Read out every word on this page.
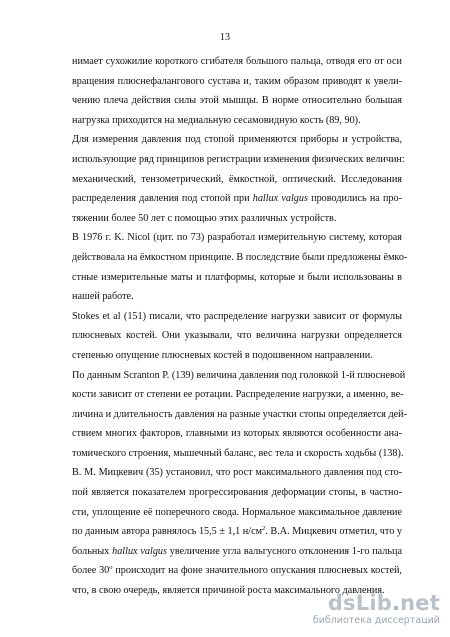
13
нимает сухожилие короткого сгибателя большого пальца, отводя его от оси
вращения плюснефалангового сустава и, таким образом приводят к увели-
чению плеча действия силы этой мышцы. В норме относительно большая
нагрузка приходится на медиальную сесамовидную кость (89, 90).
Для измерения давления под стопой применяются приборы и устройства,
использующие ряд принципов регистрации изменения физических величин:
механический, тензометрический, ёмкостной, оптический. Исследования
распределения давления под стопой при hallux valgus проводились на про-
тяжении более 50 лет с помощью этих различных устройств.
В 1976 г. K. Nicol (цит. по 73) разработал измерительную систему, которая
действовала на ёмкостном принципе. В последствие были предложены ёмко-
стные измерительные маты и платформы, которые и были использованы в
нашей работе.
Stokes et al (151) писали, что распределение нагрузки зависит от формулы
плюсневых костей. Они указывали, что величина нагрузки определяется
степенью опущение плюсневых костей в подошвенном направлении.
По данным Scranton P. (139) величина давления под головкой 1-й плюсневой
кости зависит от степени ее ротации. Распределение нагрузки, а именно, ве-
личина и длительность давления на разные участки стопы определяется дей-
ствием многих факторов, главными из которых являются особенности ана-
томического строения, мышечный баланс, вес тела и скорость ходьбы (138).
В. М. Мицкевич (35) установил, что рост максимального давления под сто-
пой является показателем прогрессирования деформации стопы, в частно-
сти, уплощение её поперечного свода. Нормальное максимальное давление
по данным автора равнялось 15,5 ± 1,1 $н/см^2$. В.А. Мицкевич отметил, что у
больных hallux valgus увеличение угла вальгусного отклонения 1-го пальца
более $30^о$ происходит на фоне значительного опускания плюсневых костей,
что, в свою очередь, является причиной роста максимального давления.
dsLib.net
библиотека диссертаций
